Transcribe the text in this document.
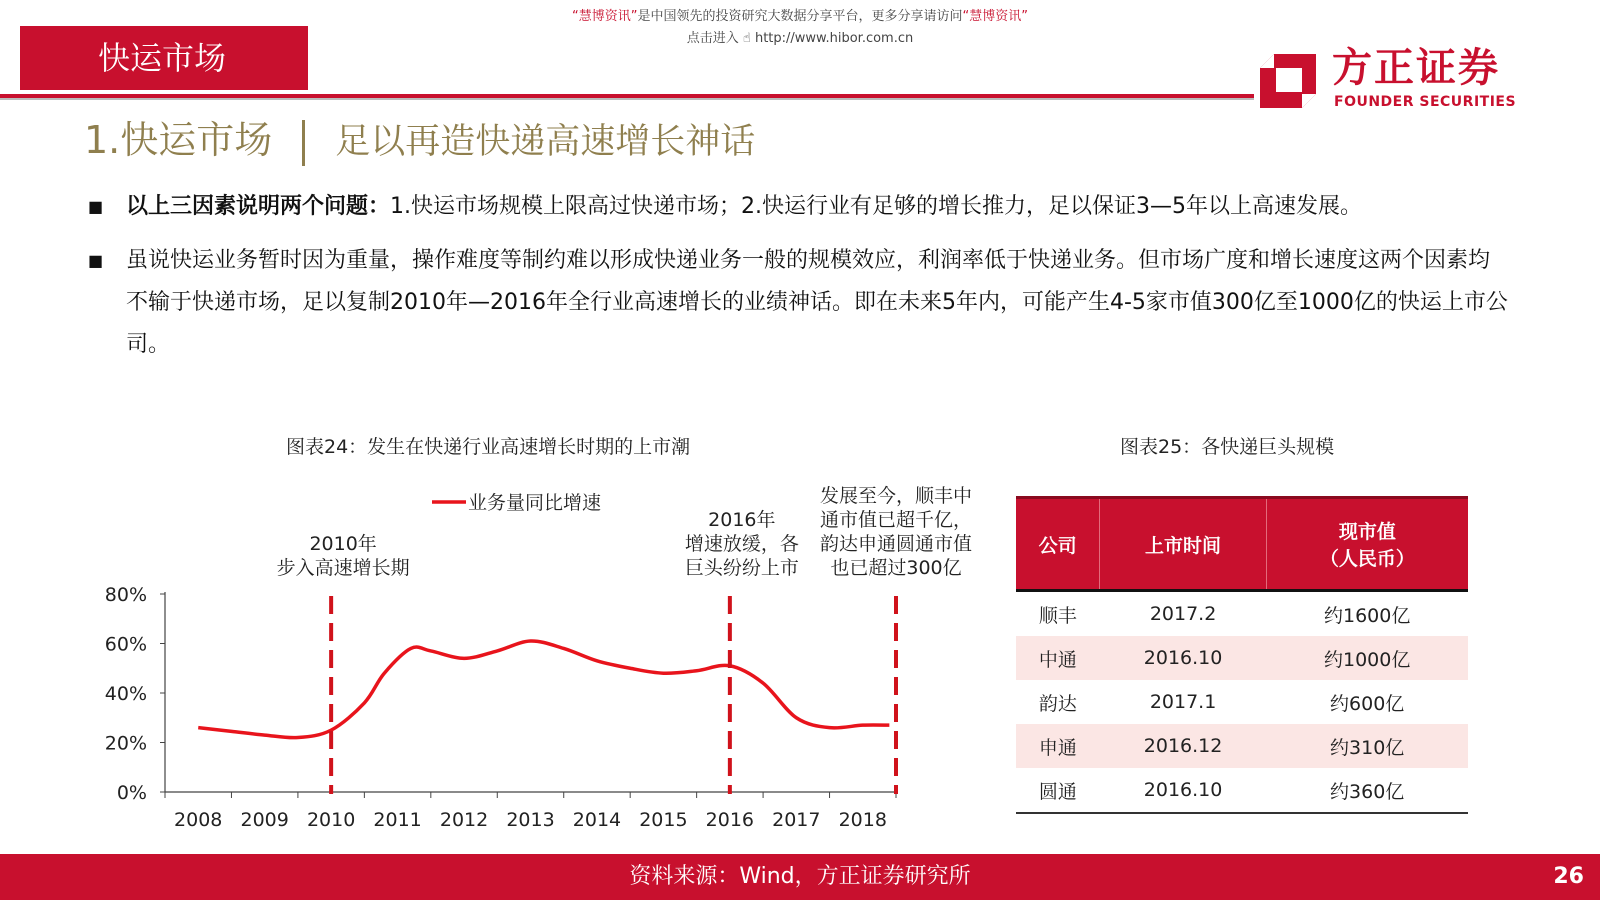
“慧博资讯”是中国领先的投资研究大数据分享平台，更多分享请访问“慧博资讯”
点击进入 ☝ http://www.hibor.com.cn
快运市场	方正证券
FOUNDER SECURITIES
1.快运市场 足以再造快递高速增长神话
■ 以上三因素说明两个问题：1.快运市场规模上限高过快递市场；2.快运行业有足够的增长推力，足以保证3—5年以上高速发展。
■ 虽说快运业务暂时因为重量，操作难度等制约难以形成快递业务一般的规模效应，利润率低于快递业务。但市场广度和增长速度这两个因素均不输于快递市场，足以复制2010年—2016年全行业高速增长的业绩神话。即在未来5年内，可能产生4-5家市值300亿至1000亿的快运上市公司。
图表24：发生在快递行业高速增长时期的上市潮	图表25：各快递巨头规模
0%
20%
40%
60%
80%
2008 2009 2010 2011 2012 2013 2014 2015 2016 2017 2018
业务量同比增速
2010年
步入高速增长期
2016年
增速放缓，各
巨头纷纷上市
发展至今，顺丰中
通市值已超千亿，
韵达申通圆通市值
也已超过300亿
公司	上市时间	现市值
（人民币）
顺丰	2017.2	约1600亿
中通	2016.10	约1000亿
韵达	2017.1	约600亿
申通	2016.12	约310亿
圆通	2016.10	约360亿
资料来源：Wind，方正证券研究所	26
